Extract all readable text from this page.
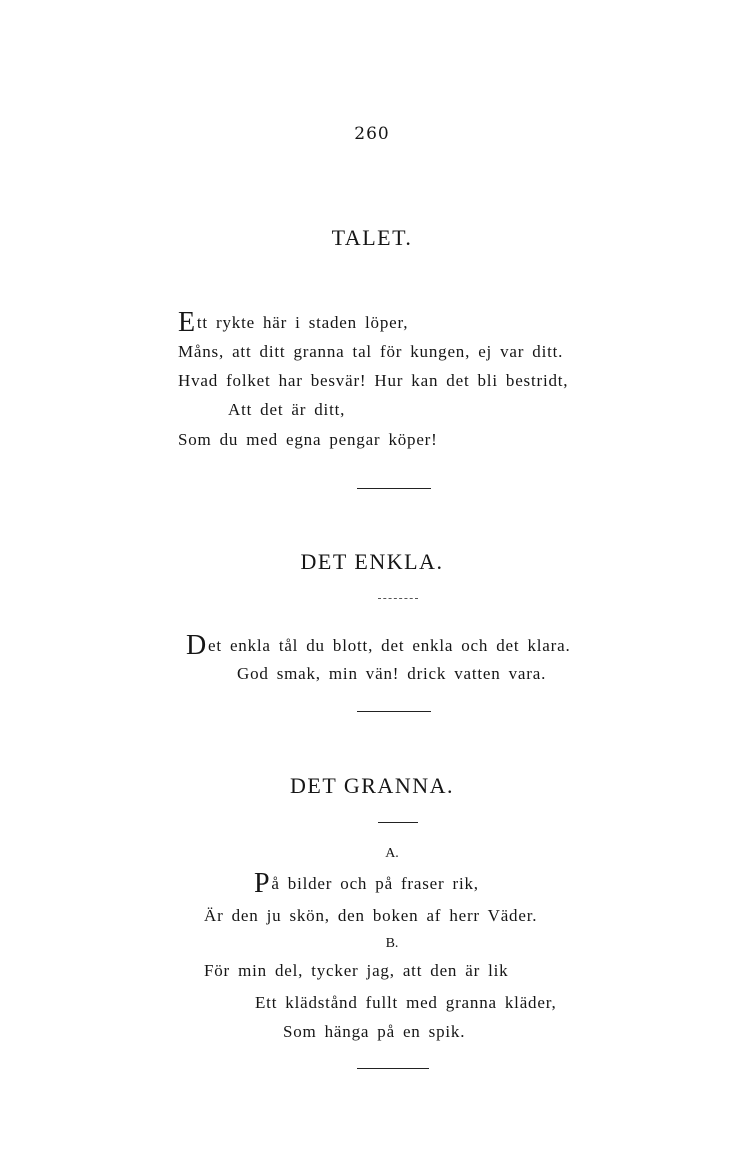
260
TALET.
Ett rykte här i staden löper,
Måns, att ditt granna tal för kungen, ej var ditt.
Hvad folket har besvär! Hur kan det bli bestridt,
Att det är ditt,
Som du med egna pengar köper!
DET ENKLA.
Det enkla tål du blott, det enkla och det klara.
God smak, min vän! drick vatten vara.
DET GRANNA.
A.
På bilder och på fraser rik,
Är den ju skön, den boken af herr Väder.
B.
För min del, tycker jag, att den är lik
Ett klädstånd fullt med granna kläder,
Som hänga på en spik.
